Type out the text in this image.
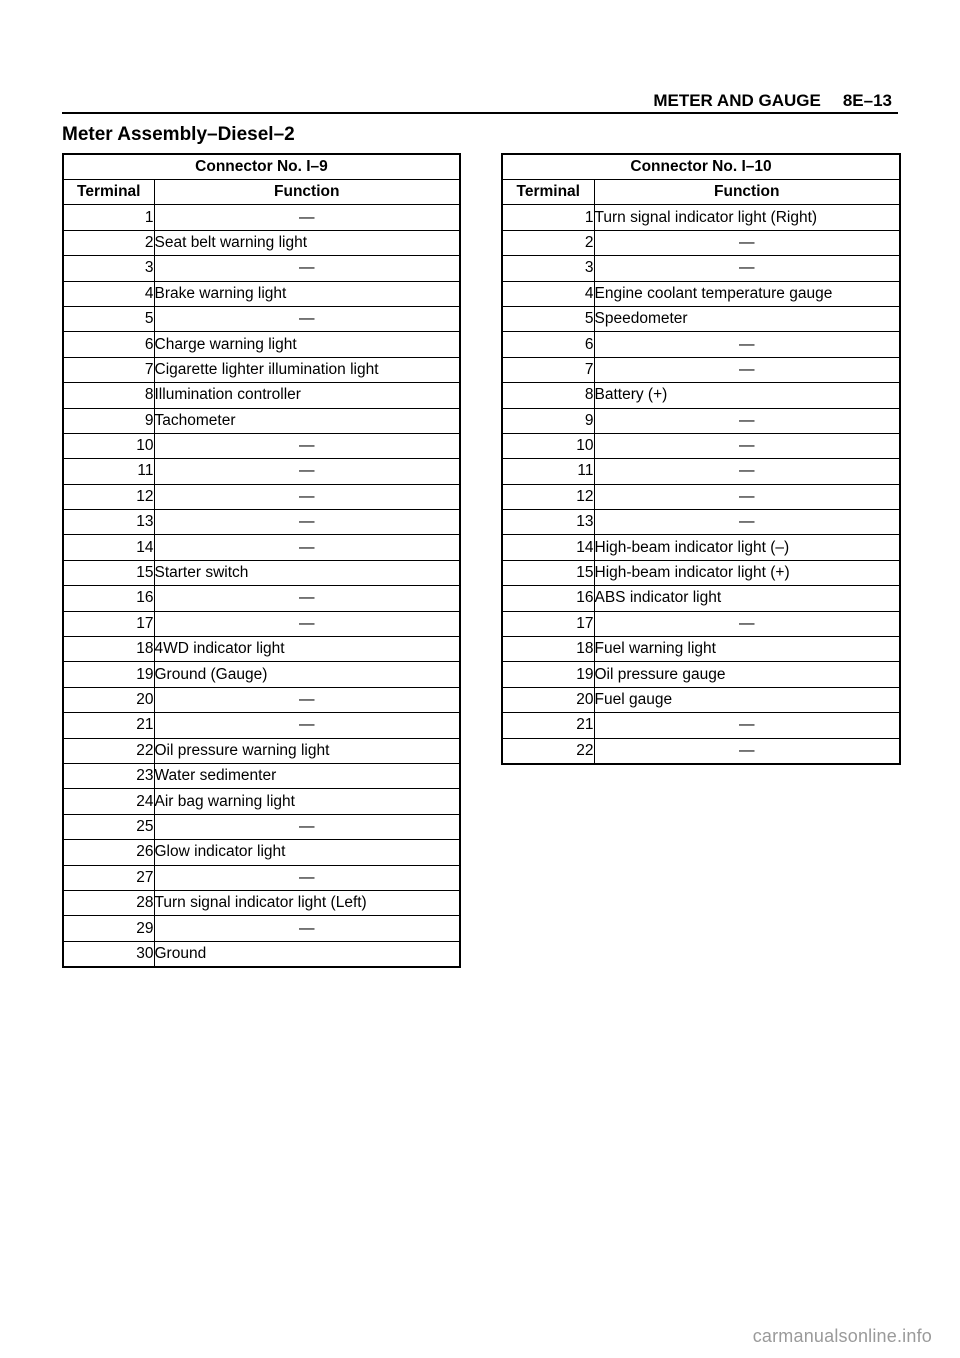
METER AND GAUGE 8E–13
Meter Assembly–Diesel–2
Connector No. I–9	
Terminal	Function
1	—
2	Seat belt warning light
3	—
4	Brake warning light
5	—
6	Charge warning light
7	Cigarette lighter illumination light
8	Illumination controller
9	Tachometer
10	—
11	—
12	—
13	—
14	—
15	Starter switch
16	—
17	—
18	4WD indicator light
19	Ground (Gauge)
20	—
21	—
22	Oil pressure warning light
23	Water sedimenter
24	Air bag warning light
25	—
26	Glow indicator light
27	—
28	Turn signal indicator light (Left)
29	—
30	Ground
Connector No. I–10	
Terminal	Function
1	Turn signal indicator light (Right)
2	—
3	—
4	Engine coolant temperature gauge
5	Speedometer
6	—
7	—
8	Battery (+)
9	—
10	—
11	—
12	—
13	—
14	High-beam indicator light (–)
15	High-beam indicator light (+)
16	ABS indicator light
17	—
18	Fuel warning light
19	Oil pressure gauge
20	Fuel gauge
21	—
22	—
carmanualsonline.info
